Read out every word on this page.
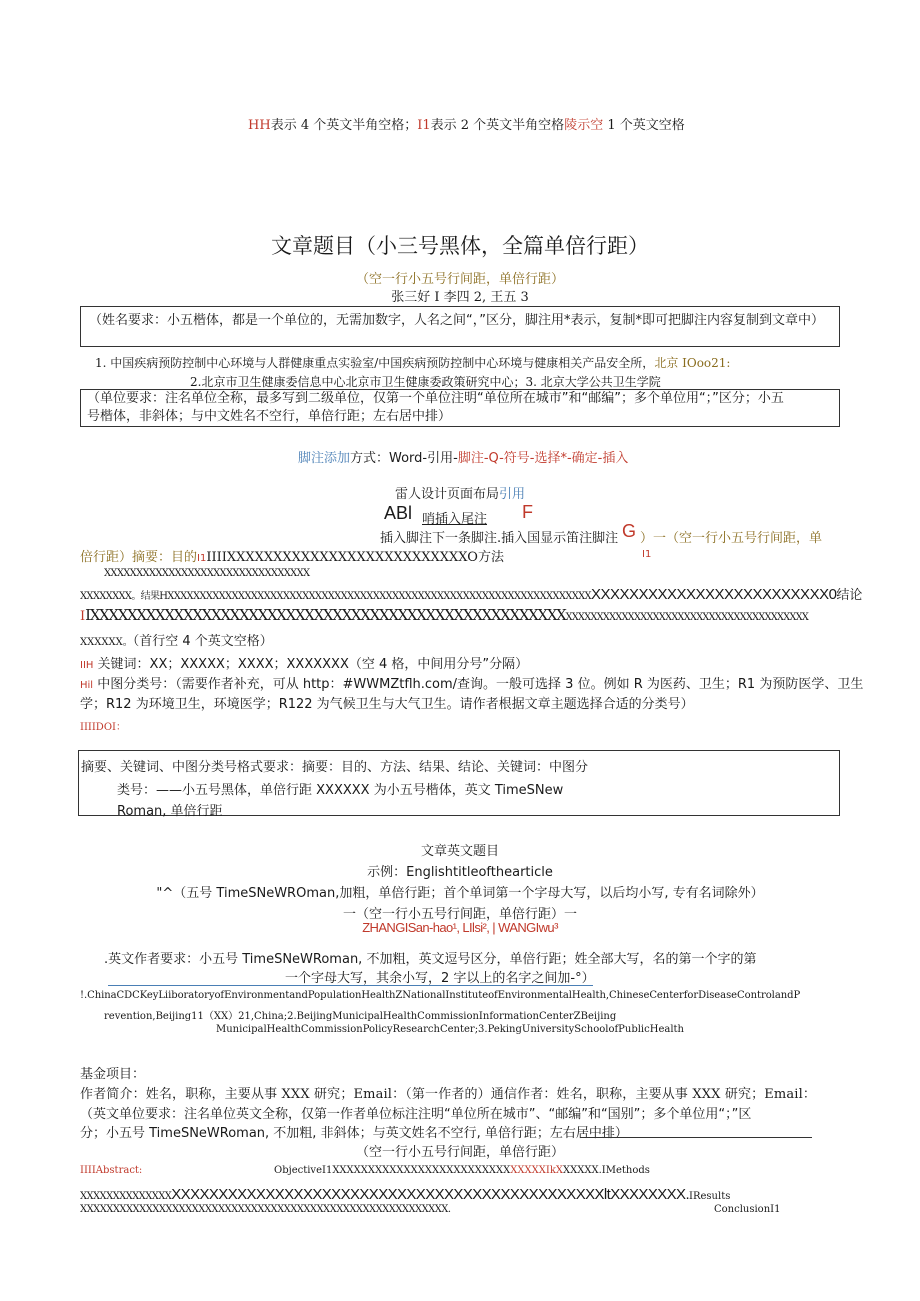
HH表示 4 个英文半角空格；I1表示 2 个英文半角空格陵示空 1 个英文空格
文章题目（小三号黑体，全篇单倍行距）
（空一行小五号行间距，单倍行距）
张三好 I 李四 2, 王五 3
（姓名要求：小五楷体，都是一个单位的，无需加数字，人名之间“，”区分，脚注用*表示，复制*即可把脚注内容复制到文章中）
1. 中国疾病预防控制中心环境与人群健康重点实验室/中国疾病预防控制中心环境与健康相关产品安全所，北京 IOoo21:
2.北京市卫生健康委信息中心北京市卫生健康委政策研究中心；3. 北京大学公共卫生学院
（单位要求：注名单位全称，最多写到二级单位，仅第一个单位注明“单位所在城市”和“邮编”；多个单位用“；”区分；小五
号楷体，非斜体；与中文姓名不空行，单倍行距；左右居中排）
脚注添加方式：Word-引用-脚注-Q-符号-选择*-确定-插入
雷人设计页面布局引用
ABl 哨插入尾注 F
插入脚注下一条脚注.插入国显示笛注脚注 G ）一（空一行小五号行间距，单
倍行距）摘要：目的I1IIIIXXXXXXXXXXXXXXXXXXXXXXXXXXO方法	I1
XXXXXXXXXXXXXXXXXXXXXXXXXXXXXXXX
XXXXXXXX。结果HXXXXXXXXXXXXXXXXXXXXXXXXXXXXXXXXXXXXXXXXXXXXXXXXXXXXXXXXXXXXXXXXXXXXXXXXXXXXXXXXXXXXXXXXXXX0结论
IIXXXXXXXXXXXXXXXXXXXXXXXXXXXXXXXXXXXXXXXXXXXXXXXXXXXXXXXXXXXXXXXXXXXXXXXXXXXXXXXXXXXXXXXXXX
XXXXXX。（首行空 4 个英文空格）
IIH 关键词：XX；XXXXX；XXXX；XXXXXXX（空 4 格，中间用分号”分隔）
Hil 中图分类号：（需要作者补充，可从 http：#WWMZtflh.com/查询。一般可选择 3 位。例如 R 为医药、卫生；R1 为预防医学、卫生
学；R12 为环境卫生，环境医学；R122 为气候卫生与大气卫生。请作者根据文章主题选择合适的分类号）
IIIIDOI：
摘要、关键词、中图分类号格式要求：摘要：目的、方法、结果、结论、关键词：中图分
类号：——小五号黑体，单倍行距 XXXXXX 为小五号楷体，英文 TimeSNew
Roman, 单倍行距
文章英文题目
示例：Englishtitleofthearticle
"^（五号 TimeSNeWROman,加粗，单倍行距；首个单词第一个字母大写，以后均小写, 专有名词除外）
一（空一行小五号行间距，单倍行距）一
ZHANGISan-hao¹, LIlsi², | WANGIwu³
.英文作者要求：小五号 TimeSNeWRoman, 不加粗，英文逗号区分，单倍行距；姓全部大写，名的第一个字的第
一个字母大写，其余小写，2 字以上的名字之间加-°）
!.ChinaCDCKeyLiiboratoryofEnvironmentandPopulationHealthZNationalInstituteofEnvironmentalHealth,ChineseCenterforDiseaseControlandP
revention,Beijing11（XX）21,China;2.BeijingMunicipalHealthCommissionInformationCenterZBeijing
MunicipalHealthCommissionPolicyResearchCenter;3.PekingUniversitySchoolofPublicHealth
基金项目：
作者简介：姓名，职称，主要从事 XXX 研究；Email：（第一作者的）通信作者：姓名，职称，主要从事 XXX 研究；Email：
（英文单位要求：注名单位英文全称，仅第一作者单位标注注明“单位所在城市”、“邮编”和“国别”；多个单位用“；”区
分；小五号 TimeSNeWRoman, 不加粗, 非斜体；与英文姓名不空行, 单倍行距；左右居中排）
（空一行小五号行间距，单倍行距）
IIIIAbstract:	ObjectiveI1XXXXXXXXXXXXXXXXXXXXXXXXXXXXXXIkXXXXXX.IMethods
XXXXXXXXXXXXXXXXXXXXXXXXXXXXXXXXXXXXXXXXXXXXXXXXXXXXXXXXXXXXltXXXXXXXX.IResults
XXXXXXXXXXXXXXXXXXXXXXXXXXXXXXXXXXXXXXXXXXXXXXXXXXXXXXXX.	ConclusionI1
